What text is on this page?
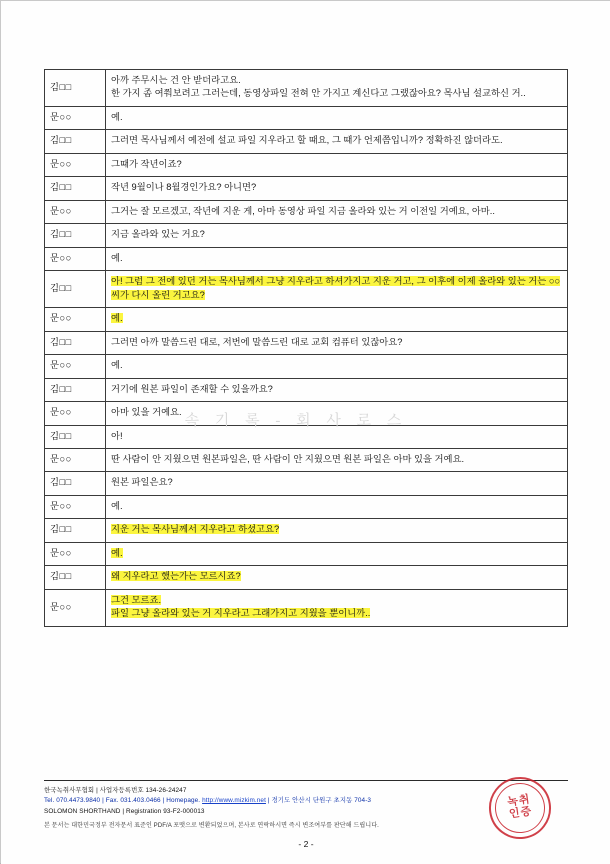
김□□	아까 주무시는 건 안 받더라고요.

한 가지 좀 여쭤보려고 그러는데, 동영상파일 전혀 안 가지고 계신다고 그랬잖아요? 목사님 설교하신 거..

문○○	예.

김□□	그러면 목사님께서 예전에 설교 파일 지우라고 할 때요, 그 때가 언제쯤입니까? 정확하진 않더라도.

문○○	그때가 작년이죠?

김□□	작년 9월이나 8월경인가요? 아니면?

문○○	그거는 잘 모르겠고, 작년에 지운 게, 아마 동영상 파일 지금 올라와 있는 거 이전일 거예요, 아마..

김□□	지금 올라와 있는 거요?

문○○	예.

김□□	아! 그럼 그 전에 있던 거는 목사님께서 그냥 지우라고 하셔가지고 지운 거고, 그 이후에 이제 올라와 있는 거는 ○○씨가 다시 올린 거고요?

문○○	예.

김□□	그러면 아까 말씀드린 대로, 저번에 말씀드린 대로 교회 컴퓨터 있잖아요?

문○○	예.

김□□	거기에 원본 파일이 존재할 수 있을까요?

문○○	아마 있을 거예요.

김□□	아!

문○○	딴 사람이 안 지웠으면 원본파일은, 딴 사람이 안 지웠으면 원본 파일은 아마 있을 거예요.

김□□	원본 파일은요?

문○○	예.

김□□	지운 거는 목사님께서 지우라고 하셨고요?

문○○	예.

김□□	왜 지우라고 했는가는 모르시죠?

문○○	그건 모르죠.

파일 그냥 올라와 있는 거 지우라고 그래가지고 지웠을 뿐이니까..

속 기 록 - 회 사 로 스
한국녹취사무협회 | 사업자등록번호 134-26-24247
Tel. 070.4473.9840 | Fax. 031.403.0466 | Homepage. http://www.mizkim.net | 경기도 안산시 단원구 초지동 704-3
SOLOMON SHORTHAND | Registration 93-F2-000013
본 문서는 대한민국정부 전자문서 표준인 PDF/A 포맷으로 변환되었으며, 본사로 연락하시면 즉시 변조여부를 판단해 드립니다.
녹취
인증
- 2 -
